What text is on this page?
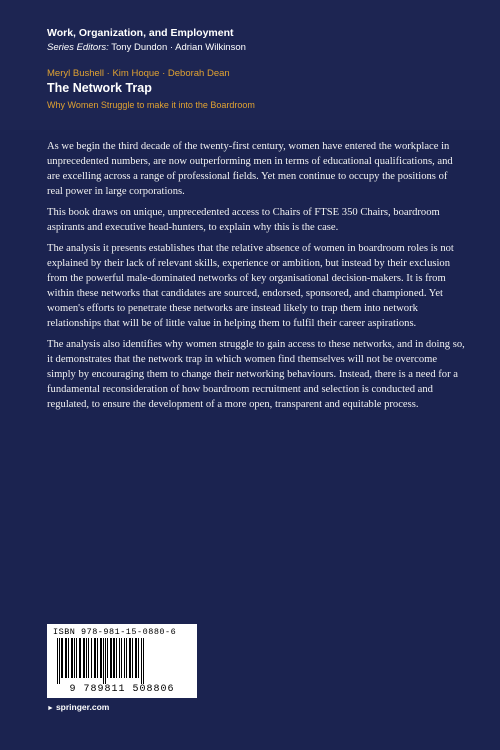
Work, Organization, and Employment
Series Editors: Tony Dundon · Adrian Wilkinson
Meryl Bushell · Kim Hoque · Deborah Dean
The Network Trap
Why Women Struggle to make it into the Boardroom

As we begin the third decade of the twenty-first century, women have entered the workplace in unprecedented numbers, are now outperforming men in terms of educational qualifications, and are excelling across a range of professional fields. Yet men continue to occupy the positions of real power in large corporations.

This book draws on unique, unprecedented access to Chairs of FTSE 350 Chairs, boardroom aspirants and executive head-hunters, to explain why this is the case.

The analysis it presents establishes that the relative absence of women in boardroom roles is not explained by their lack of relevant skills, experience or ambition, but instead by their exclusion from the powerful male-dominated networks of key organisational decision-makers. It is from within these networks that candidates are sourced, endorsed, sponsored, and championed. Yet women's efforts to penetrate these networks are instead likely to trap them into network relationships that will be of little value in helping them to fulfil their career aspirations.

The analysis also identifies why women struggle to gain access to these networks, and in doing so, it demonstrates that the network trap in which women find themselves will not be overcome simply by encouraging them to change their networking behaviours. Instead, there is a need for a fundamental reconsideration of how boardroom recruitment and selection is conducted and regulated, to ensure the development of a more open, transparent and equitable process.

ISBN 978-981-15-0880-6
9 789811 508806
► springer.com
